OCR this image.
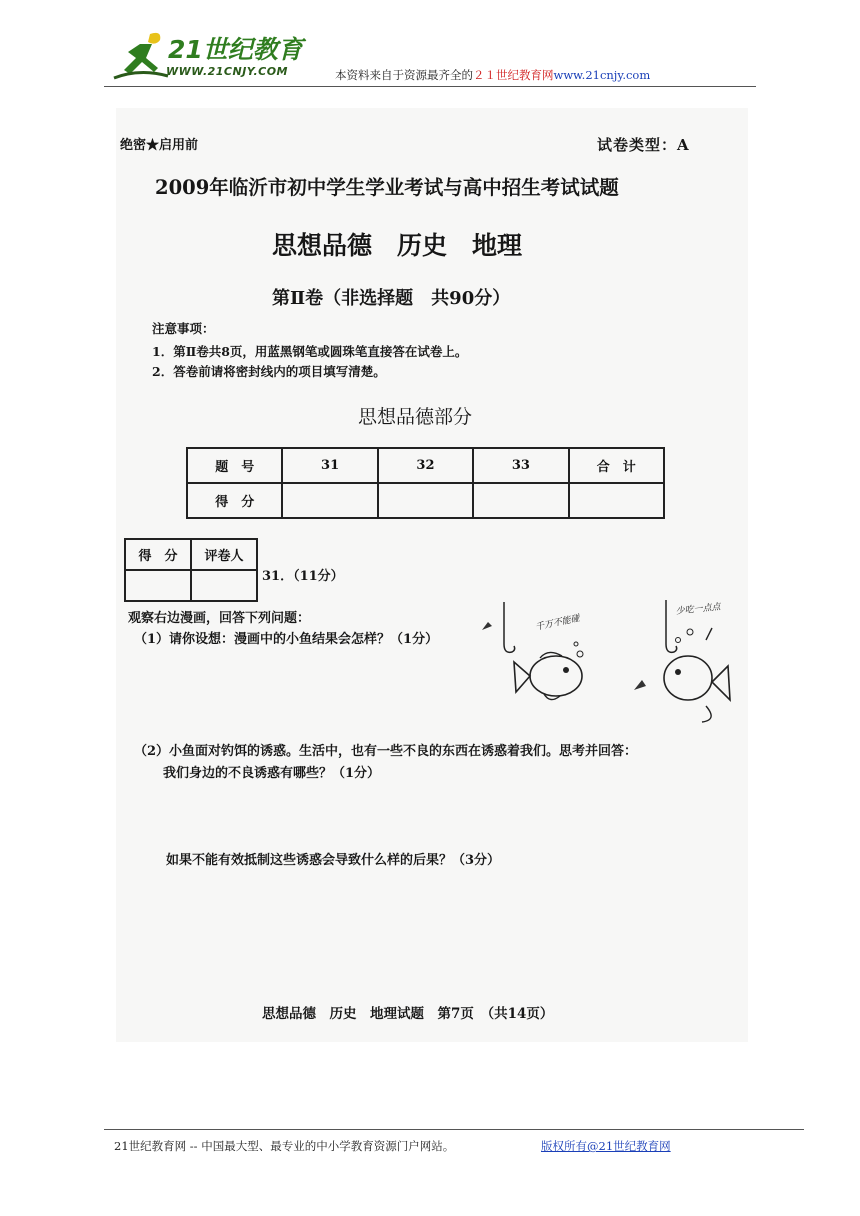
21世纪教育
WWW.21CNJY.COM	本资料来自于资源最齐全的２１世纪教育网www.21cnjy.com
绝密★启用前	试卷类型：A
2009年临沂市初中学生学业考试与高中招生考试试题
思想品德　历史　地理
第Ⅱ卷（非选择题　共90分）
注意事项：
1．第Ⅱ卷共8页，用蓝黑钢笔或圆珠笔直接答在试卷上。
2．答卷前请将密封线内的项目填写清楚。
思想品德部分
题　号	31	32	33	合　计
得　分				
得　分	评卷人

31．（11分）
观察右边漫画，回答下列问题：
（1）请你设想：漫画中的小鱼结果会怎样？（1分）
千万不能碰
少吃一点点
（2）小鱼面对钓饵的诱惑。生活中，也有一些不良的东西在诱惑着我们。思考并回答：
我们身边的不良诱惑有哪些？（1分）
如果不能有效抵制这些诱惑会导致什么样的后果？（3分）
思想品德　历史　地理试题　第7页　（共14页）
21世纪教育网 -- 中国最大型、最专业的中小学教育资源门户网站。	版权所有@21世纪教育网
